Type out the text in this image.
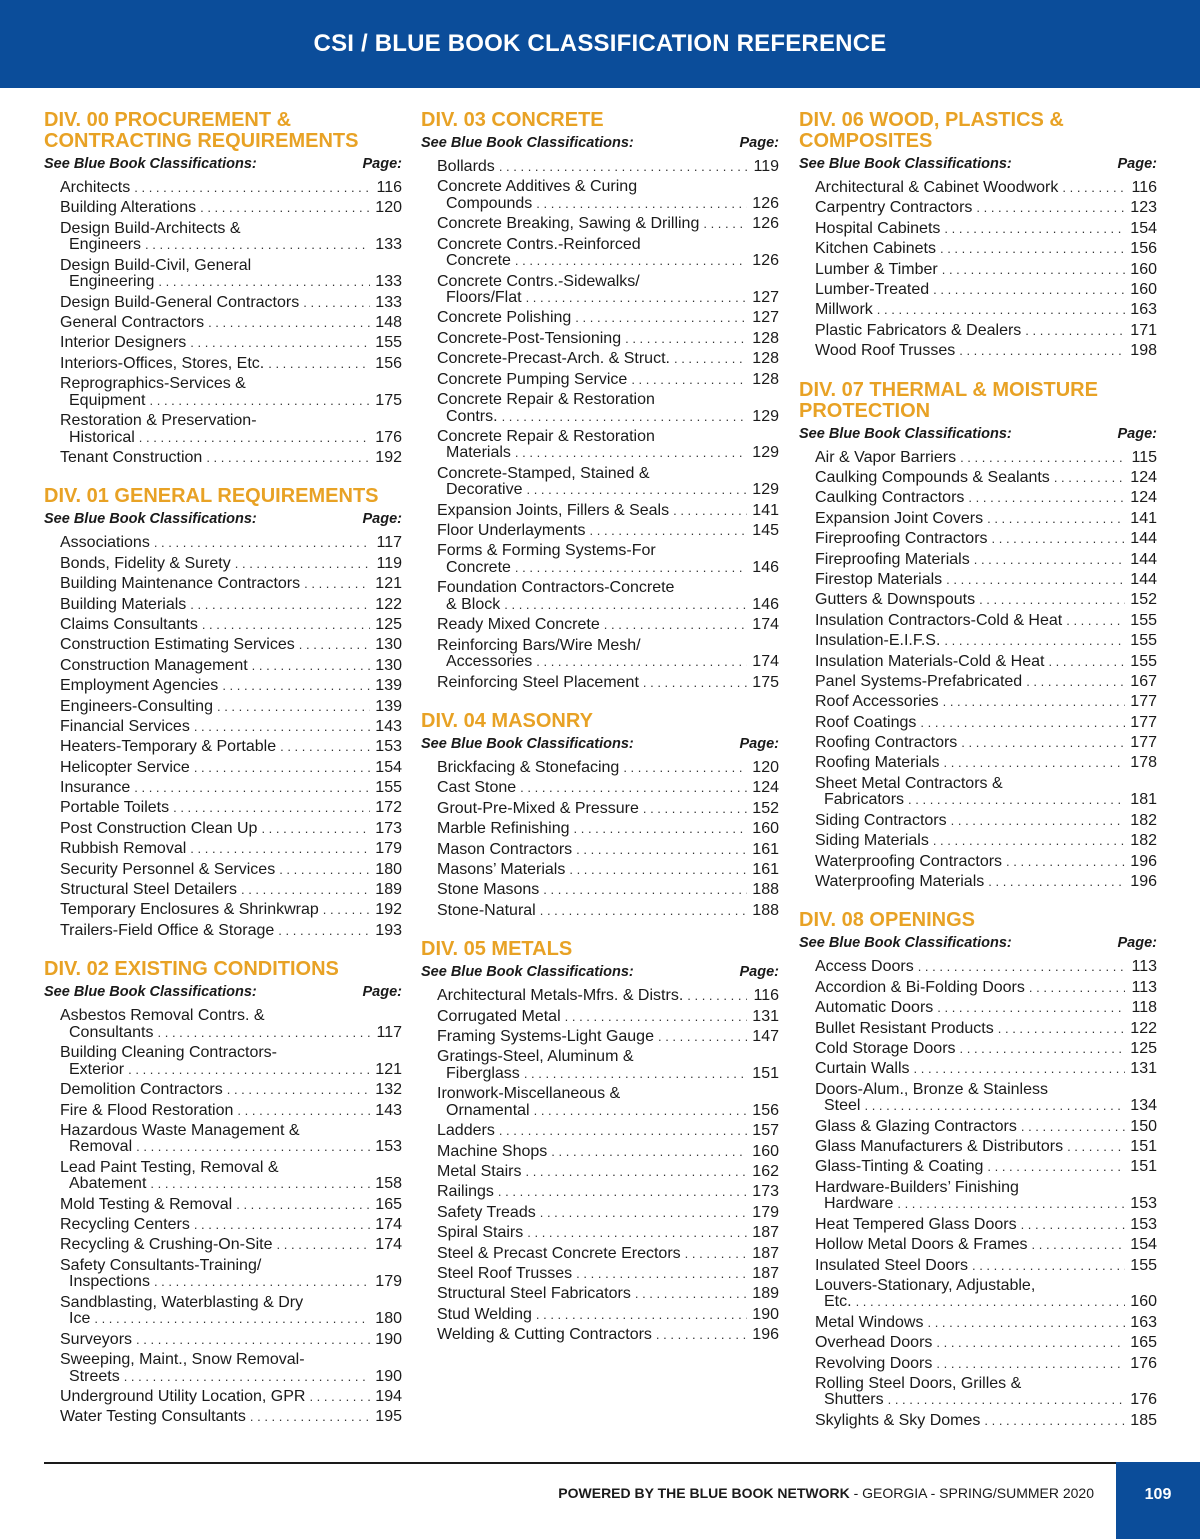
CSI / BLUE BOOK CLASSIFICATION REFERENCE
DIV. 00 PROCUREMENT &
CONTRACTING REQUIREMENTS
See Blue Book Classifications:	Page:
Architects . . .	116
Building Alterations . . .	120
Design Build-Architects &
Engineers . . .	133
Design Build-Civil, General
Engineering . . .	133
Design Build-General Contractors . . .	133
General Contractors . . .	148
Interior Designers . . .	155
Interiors-Offices, Stores, Etc. . . .	156
Reprographics-Services &
Equipment . . .	175
Restoration & Preservation-
Historical . . .	176
Tenant Construction . . .	192
DIV. 01 GENERAL REQUIREMENTS
See Blue Book Classifications:	Page:
Associations . . .	117
Bonds, Fidelity & Surety . . .	119
Building Maintenance Contractors . . .	121
Building Materials . . .	122
Claims Consultants . . .	125
Construction Estimating Services . . .	130
Construction Management . . .	130
Employment Agencies . . .	139
Engineers-Consulting . . .	139
Financial Services . . .	143
Heaters-Temporary & Portable . . .	153
Helicopter Service . . .	154
Insurance . . .	155
Portable Toilets . . .	172
Post Construction Clean Up . . .	173
Rubbish Removal . . .	179
Security Personnel & Services . . .	180
Structural Steel Detailers . . .	189
Temporary Enclosures & Shrinkwrap . . .	192
Trailers-Field Office & Storage . . .	193
DIV. 02 EXISTING CONDITIONS
See Blue Book Classifications:	Page:
Asbestos Removal Contrs. &
Consultants . . .	117
Building Cleaning Contractors-
Exterior . . .	121
Demolition Contractors . . .	132
Fire & Flood Restoration . . .	143
Hazardous Waste Management &
Removal . . .	153
Lead Paint Testing, Removal &
Abatement . . .	158
Mold Testing & Removal . . .	165
Recycling Centers . . .	174
Recycling & Crushing-On-Site . . .	174
Safety Consultants-Training/
Inspections . . .	179
Sandblasting, Waterblasting & Dry
Ice . . .	180
Surveyors . . .	190
Sweeping, Maint., Snow Removal-
Streets . . .	190
Underground Utility Location, GPR . . .	194
Water Testing Consultants . . .	195
DIV. 03 CONCRETE
See Blue Book Classifications:	Page:
Bollards . . .	119
Concrete Additives & Curing
Compounds . . .	126
Concrete Breaking, Sawing & Drilling . . .	126
Concrete Contrs.-Reinforced
Concrete . . .	126
Concrete Contrs.-Sidewalks/
Floors/Flat . . .	127
Concrete Polishing . . .	127
Concrete-Post-Tensioning . . .	128
Concrete-Precast-Arch. & Struct. . . .	128
Concrete Pumping Service . . .	128
Concrete Repair & Restoration
Contrs. . . .	129
Concrete Repair & Restoration
Materials . . .	129
Concrete-Stamped, Stained &
Decorative . . .	129
Expansion Joints, Fillers & Seals . . .	141
Floor Underlayments . . .	145
Forms & Forming Systems-For
Concrete . . .	146
Foundation Contractors-Concrete
& Block . . .	146
Ready Mixed Concrete . . .	174
Reinforcing Bars/Wire Mesh/
Accessories . . .	174
Reinforcing Steel Placement . . .	175
DIV. 04 MASONRY
See Blue Book Classifications:	Page:
Brickfacing & Stonefacing . . .	120
Cast Stone . . .	124
Grout-Pre-Mixed & Pressure . . .	152
Marble Refinishing . . .	160
Mason Contractors . . .	161
Masons’ Materials . . .	161
Stone Masons . . .	188
Stone-Natural . . .	188
DIV. 05 METALS
See Blue Book Classifications:	Page:
Architectural Metals-Mfrs. & Distrs. . . .	116
Corrugated Metal . . .	131
Framing Systems-Light Gauge . . .	147
Gratings-Steel, Aluminum &
Fiberglass . . .	151
Ironwork-Miscellaneous &
Ornamental . . .	156
Ladders . . .	157
Machine Shops . . .	160
Metal Stairs . . .	162
Railings . . .	173
Safety Treads . . .	179
Spiral Stairs . . .	187
Steel & Precast Concrete Erectors . . .	187
Steel Roof Trusses . . .	187
Structural Steel Fabricators . . .	189
Stud Welding . . .	190
Welding & Cutting Contractors . . .	196
DIV. 06 WOOD, PLASTICS &
COMPOSITES
See Blue Book Classifications:	Page:
Architectural & Cabinet Woodwork . . .	116
Carpentry Contractors . . .	123
Hospital Cabinets . . .	154
Kitchen Cabinets . . .	156
Lumber & Timber . . .	160
Lumber-Treated . . .	160
Millwork . . .	163
Plastic Fabricators & Dealers . . .	171
Wood Roof Trusses . . .	198
DIV. 07 THERMAL & MOISTURE
PROTECTION
See Blue Book Classifications:	Page:
Air & Vapor Barriers . . .	115
Caulking Compounds & Sealants . . .	124
Caulking Contractors . . .	124
Expansion Joint Covers . . .	141
Fireproofing Contractors . . .	144
Fireproofing Materials . . .	144
Firestop Materials . . .	144
Gutters & Downspouts . . .	152
Insulation Contractors-Cold & Heat . . .	155
Insulation-E.I.F.S. . . .	155
Insulation Materials-Cold & Heat . . .	155
Panel Systems-Prefabricated . . .	167
Roof Accessories . . .	177
Roof Coatings . . .	177
Roofing Contractors . . .	177
Roofing Materials . . .	178
Sheet Metal Contractors &
Fabricators . . .	181
Siding Contractors . . .	182
Siding Materials . . .	182
Waterproofing Contractors . . .	196
Waterproofing Materials . . .	196
DIV. 08 OPENINGS
See Blue Book Classifications:	Page:
Access Doors . . .	113
Accordion & Bi-Folding Doors . . .	113
Automatic Doors . . .	118
Bullet Resistant Products . . .	122
Cold Storage Doors . . .	125
Curtain Walls . . .	131
Doors-Alum., Bronze & Stainless
Steel . . .	134
Glass & Glazing Contractors . . .	150
Glass Manufacturers & Distributors . . .	151
Glass-Tinting & Coating . . .	151
Hardware-Builders’ Finishing
Hardware . . .	153
Heat Tempered Glass Doors . . .	153
Hollow Metal Doors & Frames . . .	154
Insulated Steel Doors . . .	155
Louvers-Stationary, Adjustable,
Etc. . . .	160
Metal Windows . . .	163
Overhead Doors . . .	165
Revolving Doors . . .	176
Rolling Steel Doors, Grilles &
Shutters . . .	176
Skylights & Sky Domes . . .	185
POWERED BY THE BLUE BOOK NETWORK - GEORGIA - SPRING/SUMMER 2020	109
